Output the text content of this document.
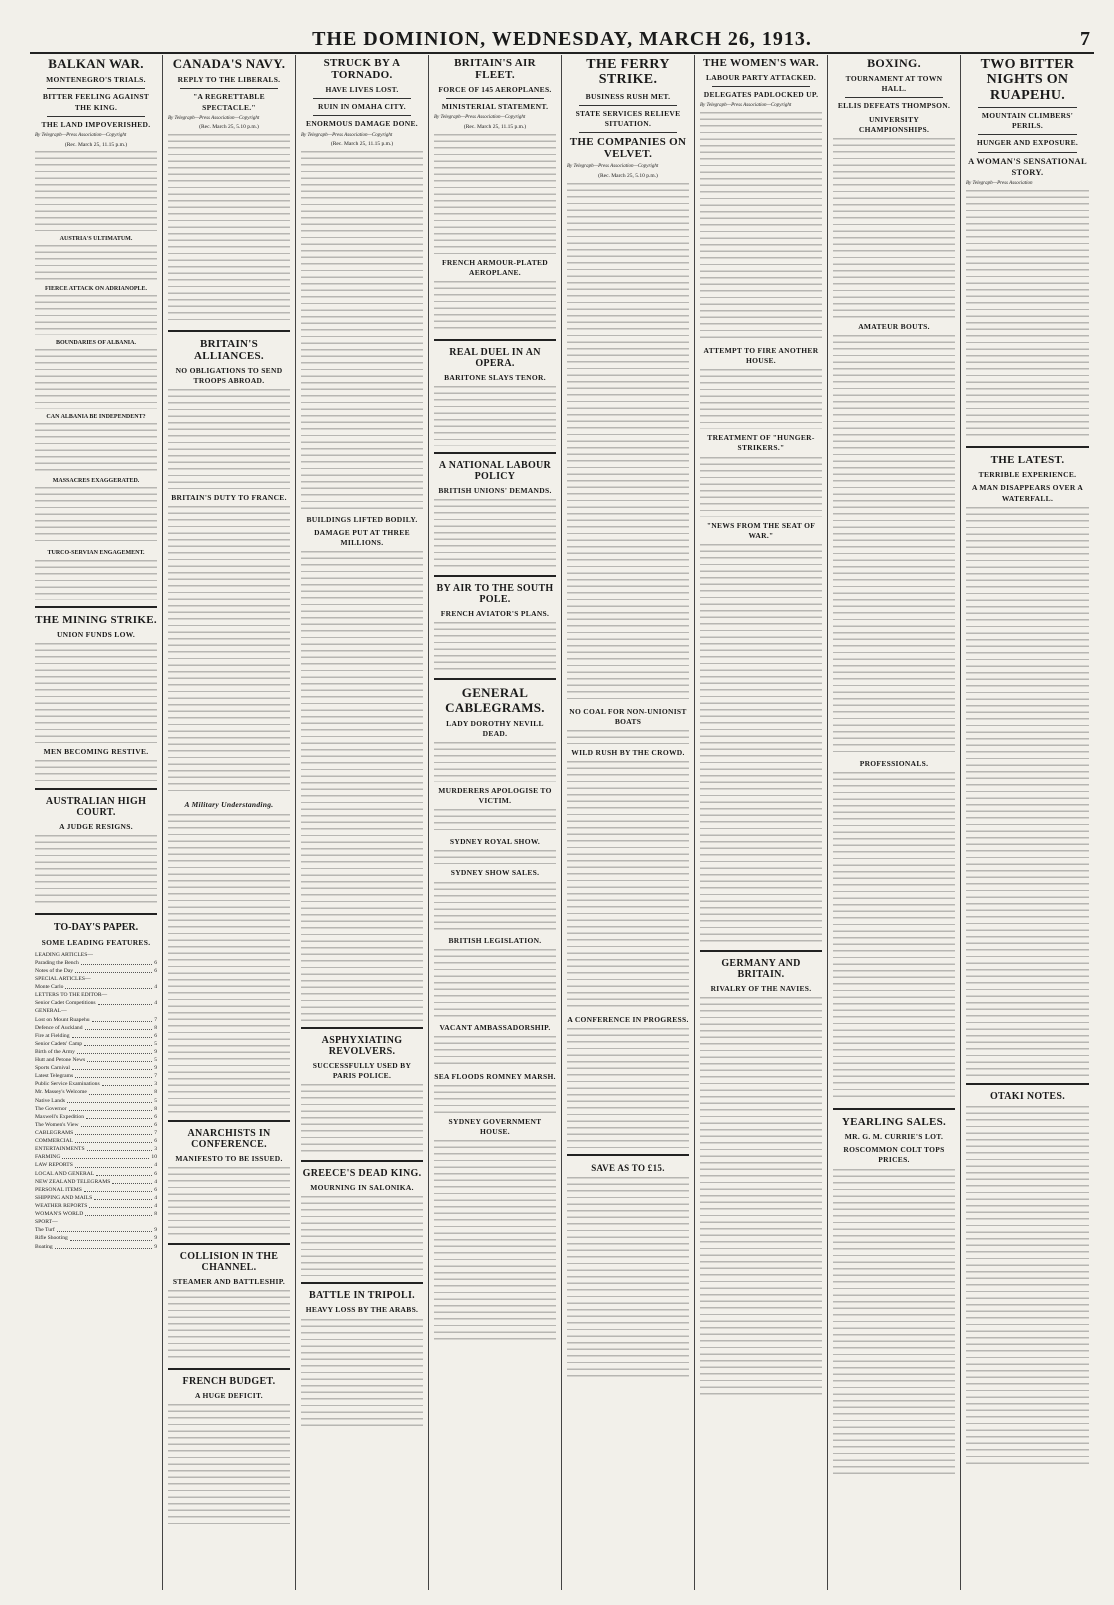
THE DOMINION, WEDNESDAY, MARCH 26, 1913.	7
BALKAN WAR.
MONTENEGRO'S TRIALS.
BITTER FEELING AGAINST THE KING.
THE LAND IMPOVERISHED.
By Telegraph—Press Association—Copyright
(Rec. March 25, 11.15 p.m.)
AUSTRIA'S ULTIMATUM.
FIERCE ATTACK ON ADRIANOPLE.
BOUNDARIES OF ALBANIA.
CAN ALBANIA BE INDEPENDENT?
MASSACRES EXAGGERATED.
TURCO-SERVIAN ENGAGEMENT.
THE MINING STRIKE.
UNION FUNDS LOW.
MEN BECOMING RESTIVE.
AUSTRALIAN HIGH COURT.
A JUDGE RESIGNS.
TO-DAY'S PAPER.
SOME LEADING FEATURES.
LEADING ARTICLES—
Parading the Bench	6
Notes of the Day	6
SPECIAL ARTICLES—
Monte Carlo	4
LETTERS TO THE EDITOR—
Senior Cadet Competitions	4
GENERAL—
Lost on Mount Ruapehu	7
Defence of Auckland	8
Fire at Fielding	6
Senior Cadets' Camp	5
Birth of the Army	9
Hutt and Petone News	5
Sports Carnival	9
Latest Telegrams	7
Public Service Examinations	3
Mr. Massey's Welcome	8
Native Lands	5
The Governor	8
Maxwell's Expedition	6
The Women's View	6
CABLEGRAMS	7
COMMERCIAL	6
ENTERTAINMENTS	3
FARMING	10
LAW REPORTS	4
LOCAL AND GENERAL	6
NEW ZEALAND TELEGRAMS	4
PERSONAL ITEMS	6
SHIPPING AND MAILS	4
WEATHER REPORTS	4
WOMAN'S WORLD	8
SPORT—
The Turf	9
Rifle Shooting	9
Boating	9
CANADA'S NAVY.
REPLY TO THE LIBERALS.
"A REGRETTABLE SPECTACLE."
By Telegraph—Press Association—Copyright
(Rec. March 25, 5.10 p.m.)
BRITAIN'S ALLIANCES.
NO OBLIGATIONS TO SEND TROOPS ABROAD.
BRITAIN'S DUTY TO FRANCE.
A Military Understanding.
ANARCHISTS IN CONFERENCE.
MANIFESTO TO BE ISSUED.
COLLISION IN THE CHANNEL.
STEAMER AND BATTLESHIP.
FRENCH BUDGET.
A HUGE DEFICIT.
STRUCK BY A TORNADO.
HAVE LIVES LOST.
RUIN IN OMAHA CITY.
ENORMOUS DAMAGE DONE.
By Telegraph—Press Association—Copyright
(Rec. March 25, 11.15 p.m.)
BUILDINGS LIFTED BODILY.
DAMAGE PUT AT THREE MILLIONS.
ASPHYXIATING REVOLVERS.
SUCCESSFULLY USED BY PARIS POLICE.
GREECE'S DEAD KING.
MOURNING IN SALONIKA.
BATTLE IN TRIPOLI.
HEAVY LOSS BY THE ARABS.
BRITAIN'S AIR FLEET.
FORCE OF 145 AEROPLANES.
MINISTERIAL STATEMENT.
By Telegraph—Press Association—Copyright
(Rec. March 25, 11.15 p.m.)
FRENCH ARMOUR-PLATED AEROPLANE.
REAL DUEL IN AN OPERA.
BARITONE SLAYS TENOR.
A NATIONAL LABOUR POLICY
BRITISH UNIONS' DEMANDS.
BY AIR TO THE SOUTH POLE.
FRENCH AVIATOR'S PLANS.
GENERAL CABLEGRAMS.
LADY DOROTHY NEVILL DEAD.
MURDERERS APOLOGISE TO VICTIM.
SYDNEY ROYAL SHOW.
SYDNEY SHOW SALES.
BRITISH LEGISLATION.
VACANT AMBASSADORSHIP.
SEA FLOODS ROMNEY MARSH.
SYDNEY GOVERNMENT HOUSE.
THE FERRY STRIKE.
BUSINESS RUSH MET.
STATE SERVICES RELIEVE SITUATION.
THE COMPANIES ON VELVET.
By Telegraph—Press Association—Copyright
(Rec. March 25, 5.10 p.m.)
NO COAL FOR NON-UNIONIST BOATS
WILD RUSH BY THE CROWD.
A CONFERENCE IN PROGRESS.
SAVE AS TO £15.
THE WOMEN'S WAR.
LABOUR PARTY ATTACKED.
DELEGATES PADLOCKED UP.
By Telegraph—Press Association—Copyright
ATTEMPT TO FIRE ANOTHER HOUSE.
TREATMENT OF "HUNGER-STRIKERS."
"NEWS FROM THE SEAT OF WAR."
GERMANY AND BRITAIN.
RIVALRY OF THE NAVIES.
BOXING.
TOURNAMENT AT TOWN HALL.
ELLIS DEFEATS THOMPSON.
UNIVERSITY CHAMPIONSHIPS.
AMATEUR BOUTS.
PROFESSIONALS.
YEARLING SALES.
MR. G. M. CURRIE'S LOT.
ROSCOMMON COLT TOPS PRICES.
TWO BITTER NIGHTS ON RUAPEHU.
MOUNTAIN CLIMBERS' PERILS.
HUNGER AND EXPOSURE.
A WOMAN'S SENSATIONAL STORY.
By Telegraph—Press Association
THE LATEST.
TERRIBLE EXPERIENCE.
A MAN DISAPPEARS OVER A WATERFALL.
OTAKI NOTES.
